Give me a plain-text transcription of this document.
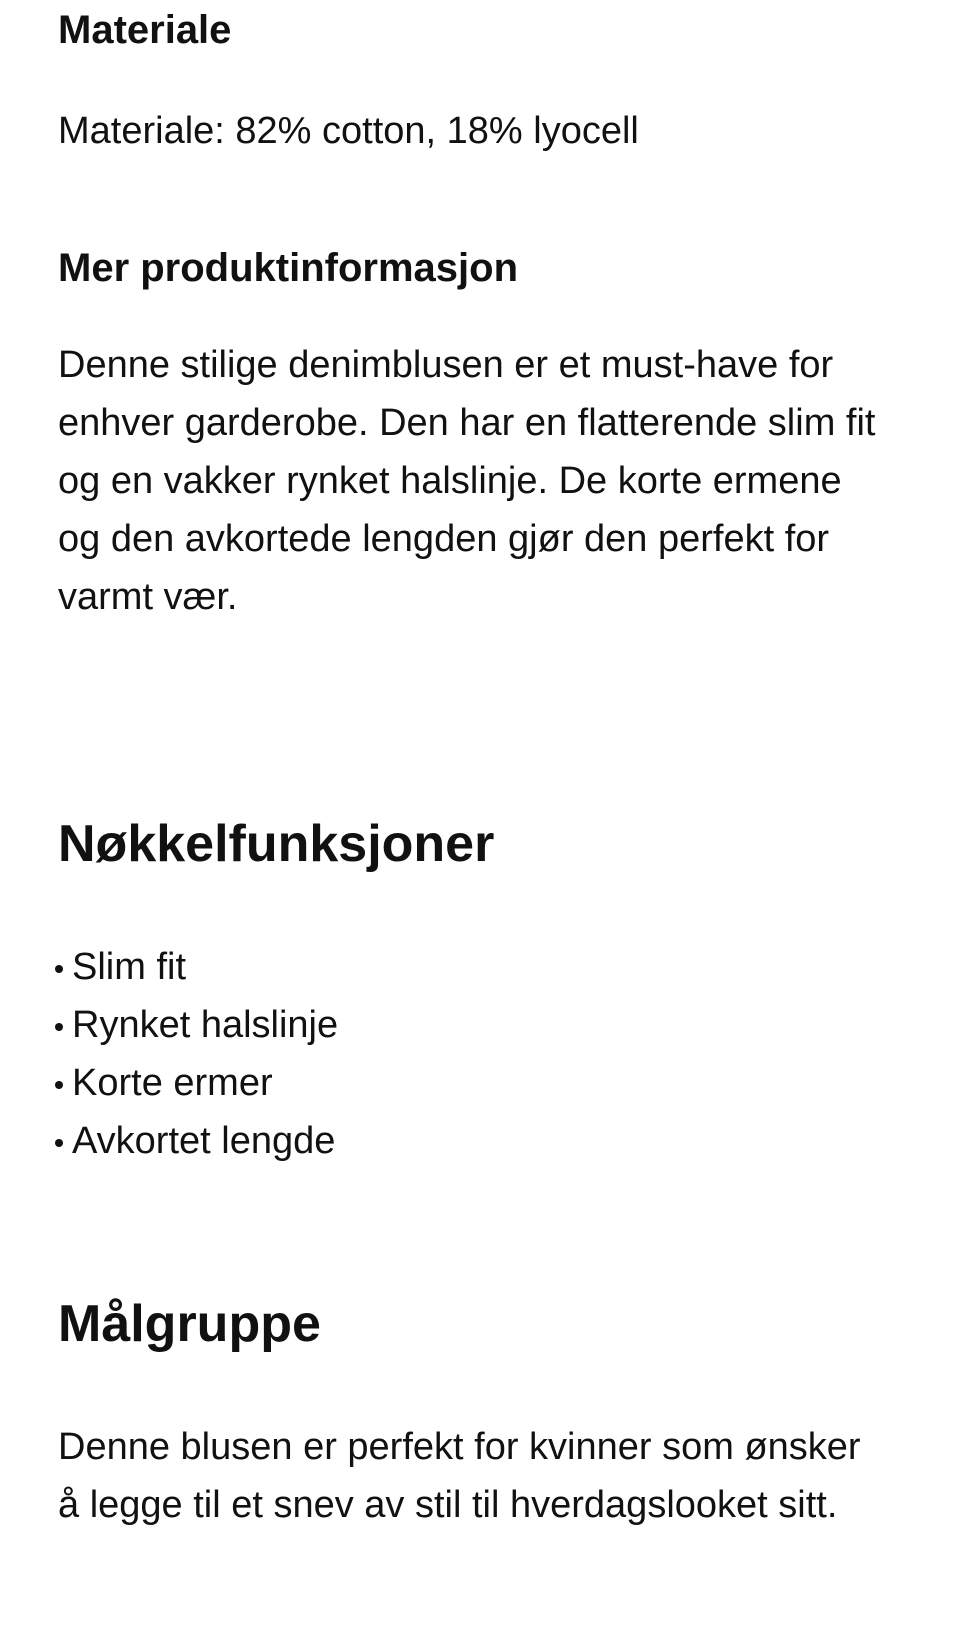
Materiale

Materiale: 82% cotton, 18% lyocell

Mer produktinformasjon

Denne stilige denimblusen er et must-have for enhver garderobe. Den har en flatterende slim fit og en vakker rynket halslinje. De korte ermene og den avkortede lengden gjør den perfekt for varmt vær.

Nøkkelfunksjoner
Slim fit
Rynket halslinje
Korte ermer
Avkortet lengde
Målgruppe

Denne blusen er perfekt for kvinner som ønsker å legge til et snev av stil til hverdagslooket sitt.
